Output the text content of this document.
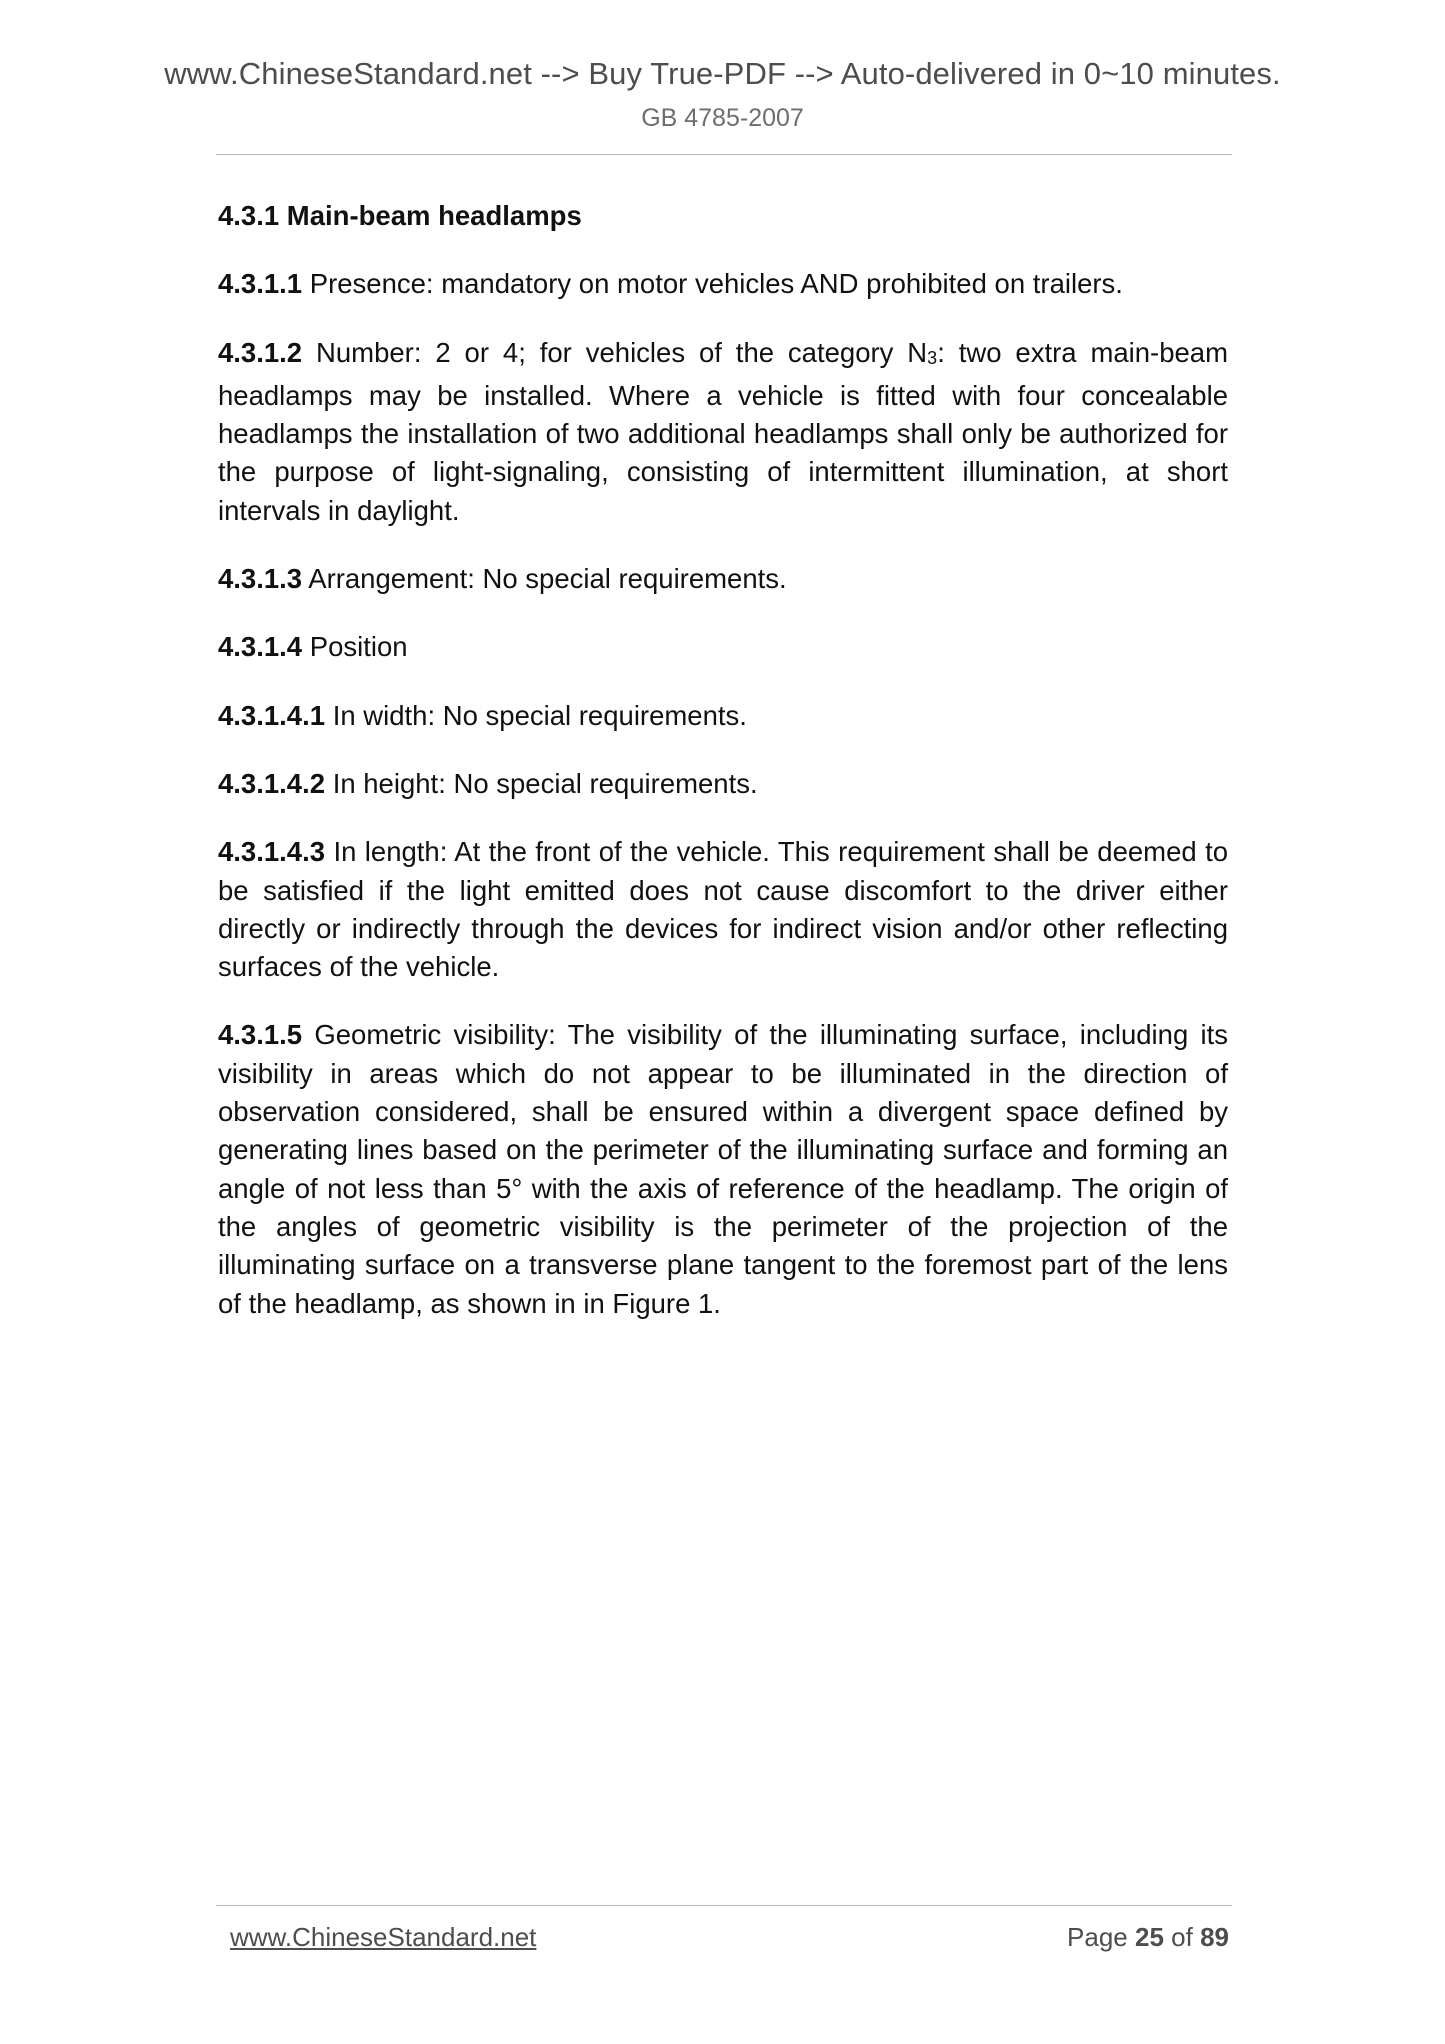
www.ChineseStandard.net --> Buy True-PDF --> Auto-delivered in 0~10 minutes.
GB 4785-2007
4.3.1 Main-beam headlamps

4.3.1.1 Presence: mandatory on motor vehicles AND prohibited on trailers.

4.3.1.2 Number: 2 or 4; for vehicles of the category $N_3$: two extra main-beam headlamps may be installed. Where a vehicle is fitted with four concealable headlamps the installation of two additional headlamps shall only be authorized for the purpose of light-signaling, consisting of intermittent illumination, at short intervals in daylight.

4.3.1.3 Arrangement: No special requirements.

4.3.1.4 Position

4.3.1.4.1 In width: No special requirements.

4.3.1.4.2 In height: No special requirements.

4.3.1.4.3 In length: At the front of the vehicle. This requirement shall be deemed to be satisfied if the light emitted does not cause discomfort to the driver either directly or indirectly through the devices for indirect vision and/or other reflecting surfaces of the vehicle.

4.3.1.5 Geometric visibility: The visibility of the illuminating surface, including its visibility in areas which do not appear to be illuminated in the direction of observation considered, shall be ensured within a divergent space defined by generating lines based on the perimeter of the illuminating surface and forming an angle of not less than 5° with the axis of reference of the headlamp. The origin of the angles of geometric visibility is the perimeter of the projection of the illuminating surface on a transverse plane tangent to the foremost part of the lens of the headlamp, as shown in in Figure 1.

www.ChineseStandard.net	Page 25 of 89
